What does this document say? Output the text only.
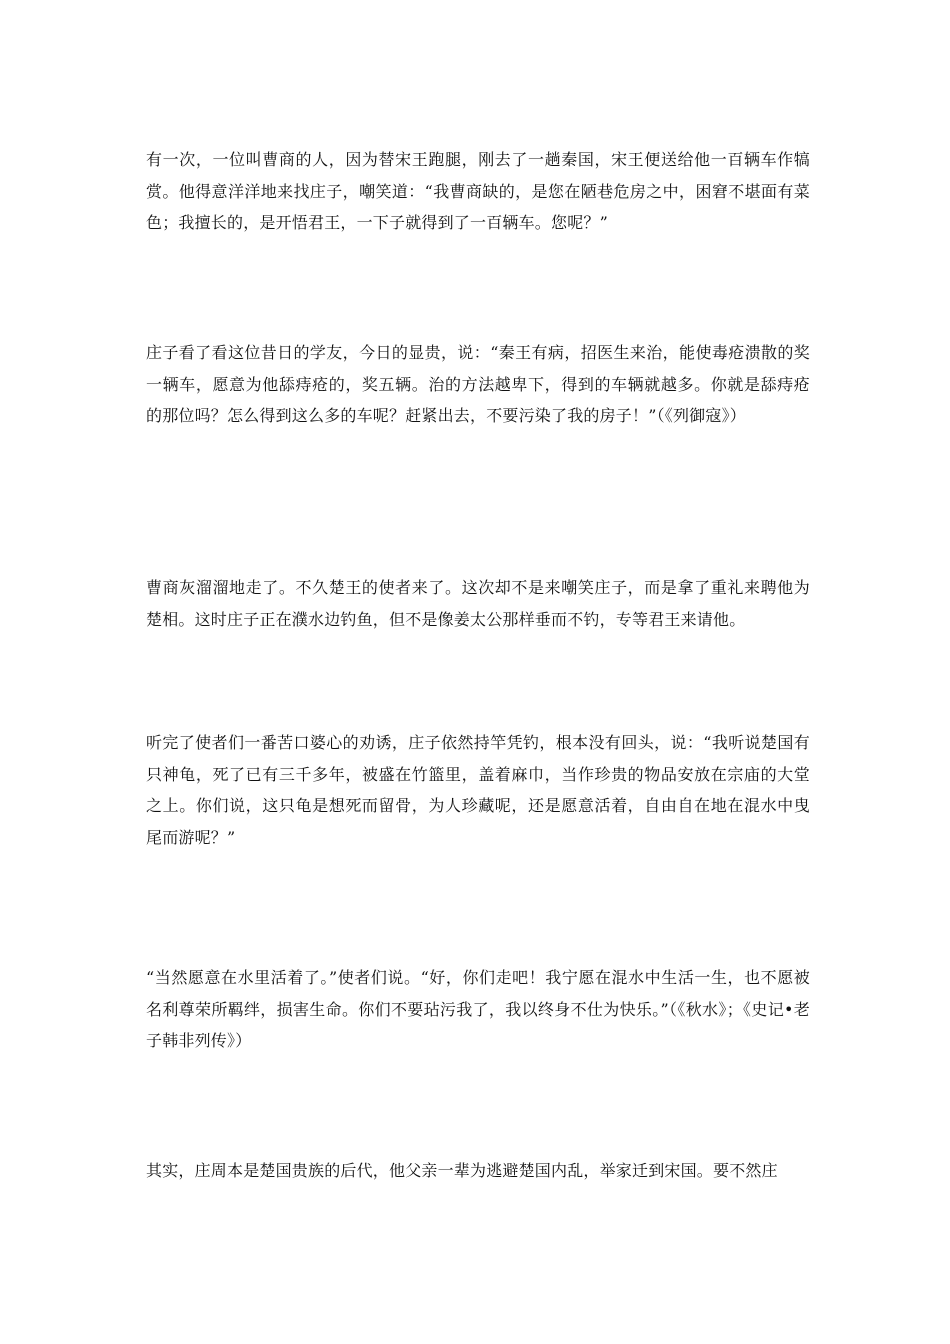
有一次，一位叫曹商的人，因为替宋王跑腿，刚去了一趟秦国，宋王便送给他一百辆车作犒赏。他得意洋洋地来找庄子，嘲笑道：“我曹商缺的，是您在陋巷危房之中，困窘不堪面有菜色；我擅长的，是开悟君王，一下子就得到了一百辆车。您呢？”

庄子看了看这位昔日的学友，今日的显贵，说：“秦王有病，招医生来治，能使毒疮溃散的奖一辆车，愿意为他舔痔疮的，奖五辆。治的方法越卑下，得到的车辆就越多。你就是舔痔疮的那位吗？怎么得到这么多的车呢？赶紧出去，不要污染了我的房子！”（《列御寇》）

曹商灰溜溜地走了。不久楚王的使者来了。这次却不是来嘲笑庄子，而是拿了重礼来聘他为楚相。这时庄子正在濮水边钓鱼，但不是像姜太公那样垂而不钓，专等君王来请他。

听完了使者们一番苦口婆心的劝诱，庄子依然持竿凭钓，根本没有回头，说：“我听说楚国有只神龟，死了已有三千多年，被盛在竹篮里，盖着麻巾，当作珍贵的物品安放在宗庙的大堂之上。你们说，这只龟是想死而留骨，为人珍藏呢，还是愿意活着，自由自在地在混水中曳尾而游呢？”

“当然愿意在水里活着了。”使者们说。“好，你们走吧！我宁愿在混水中生活一生，也不愿被名利尊荣所羁绊，损害生命。你们不要玷污我了，我以终身不仕为快乐。”（《秋水》；《史记•老子韩非列传》）

其实，庄周本是楚国贵族的后代，他父亲一辈为逃避楚国内乱，举家迁到宋国。要不然庄
